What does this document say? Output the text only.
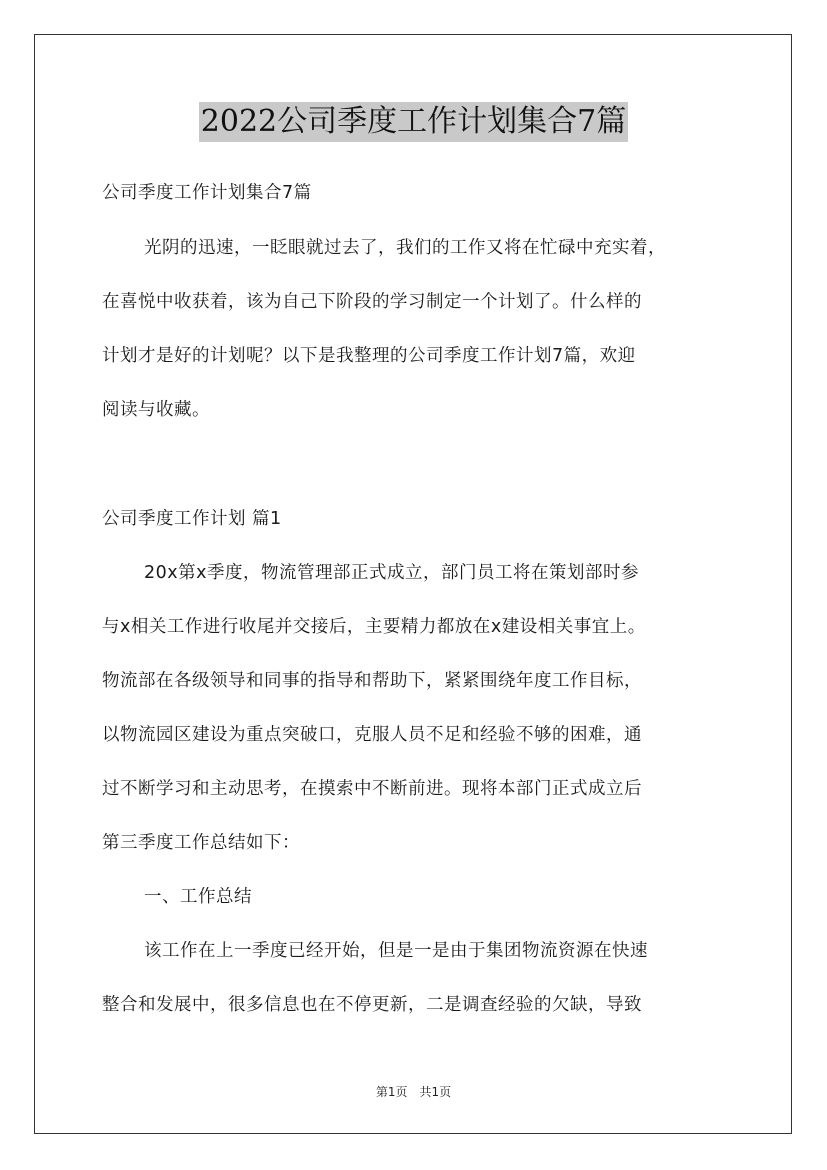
2022公司季度工作计划集合7篇
公司季度工作计划集合7篇
光阴的迅速，一眨眼就过去了，我们的工作又将在忙碌中充实着，
在喜悦中收获着，该为自己下阶段的学习制定一个计划了。什么样的
计划才是好的计划呢？以下是我整理的公司季度工作计划7篇，欢迎
阅读与收藏。
公司季度工作计划 篇1
20x第x季度，物流管理部正式成立，部门员工将在策划部时参
与x相关工作进行收尾并交接后，主要精力都放在x建设相关事宜上。
物流部在各级领导和同事的指导和帮助下，紧紧围绕年度工作目标，
以物流园区建设为重点突破口，克服人员不足和经验不够的困难，通
过不断学习和主动思考，在摸索中不断前进。现将本部门正式成立后
第三季度工作总结如下：
一、工作总结
该工作在上一季度已经开始，但是一是由于集团物流资源在快速
整合和发展中，很多信息也在不停更新，二是调查经验的欠缺，导致
第1页　共1页
